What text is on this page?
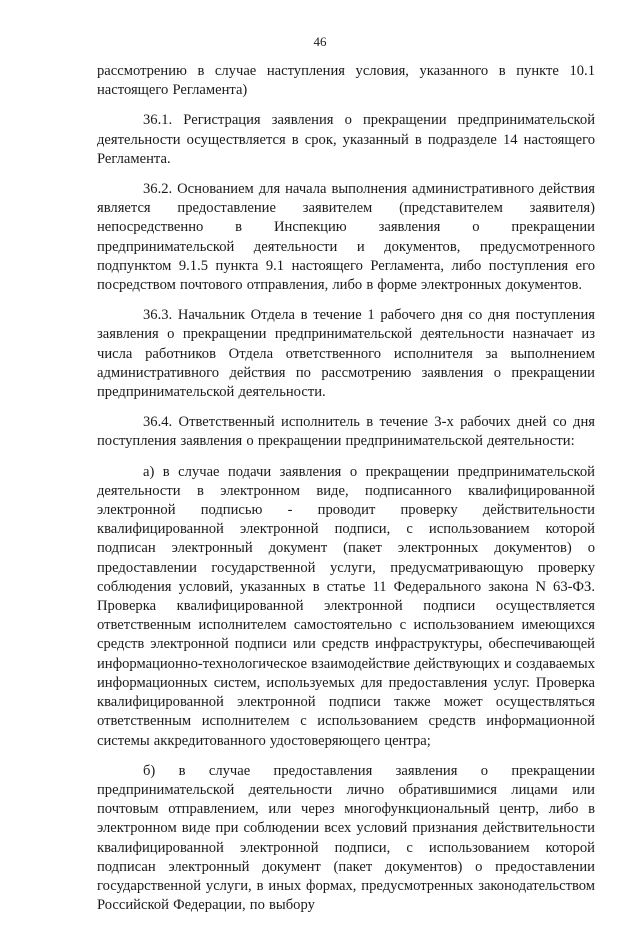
46

рассмотрению в случае наступления условия, указанного в пункте 10.1 настоящего Регламента)

36.1. Регистрация заявления о прекращении предпринимательской деятельности осуществляется в срок, указанный в подразделе 14 настоящего Регламента.

36.2. Основанием для начала выполнения административного действия является предоставление заявителем (представителем заявителя) непосредственно в Инспекцию заявления о прекращении предпринимательской деятельности и документов, предусмотренного подпунктом 9.1.5 пункта 9.1 настоящего Регламента, либо поступления его посредством почтового отправления, либо в форме электронных документов.

36.3. Начальник Отдела в течение 1 рабочего дня со дня поступления заявления о прекращении предпринимательской деятельности назначает из числа работников Отдела ответственного исполнителя за выполнением административного действия по рассмотрению заявления о прекращении предпринимательской деятельности.

36.4. Ответственный исполнитель в течение 3-х рабочих дней со дня поступления заявления о прекращении предпринимательской деятельности:

а) в случае подачи заявления о прекращении предпринимательской деятельности в электронном виде, подписанного квалифицированной электронной подписью - проводит проверку действительности квалифицированной электронной подписи, с использованием которой подписан электронный документ (пакет электронных документов) о предоставлении государственной услуги, предусматривающую проверку соблюдения условий, указанных в статье 11 Федерального закона N 63-ФЗ. Проверка квалифицированной электронной подписи осуществляется ответственным исполнителем самостоятельно с использованием имеющихся средств электронной подписи или средств инфраструктуры, обеспечивающей информационно-технологическое взаимодействие действующих и создаваемых информационных систем, используемых для предоставления услуг. Проверка квалифицированной электронной подписи также может осуществляться ответственным исполнителем с использованием средств информационной системы аккредитованного удостоверяющего центра;

б) в случае предоставления заявления о прекращении предпринимательской деятельности лично обратившимися лицами или почтовым отправлением, или через многофункциональный центр, либо в электронном виде при соблюдении всех условий признания действительности квалифицированной электронной подписи, с использованием которой подписан электронный документ (пакет документов) о предоставлении государственной услуги, в иных формах, предусмотренных законодательством Российской Федерации, по выбору
